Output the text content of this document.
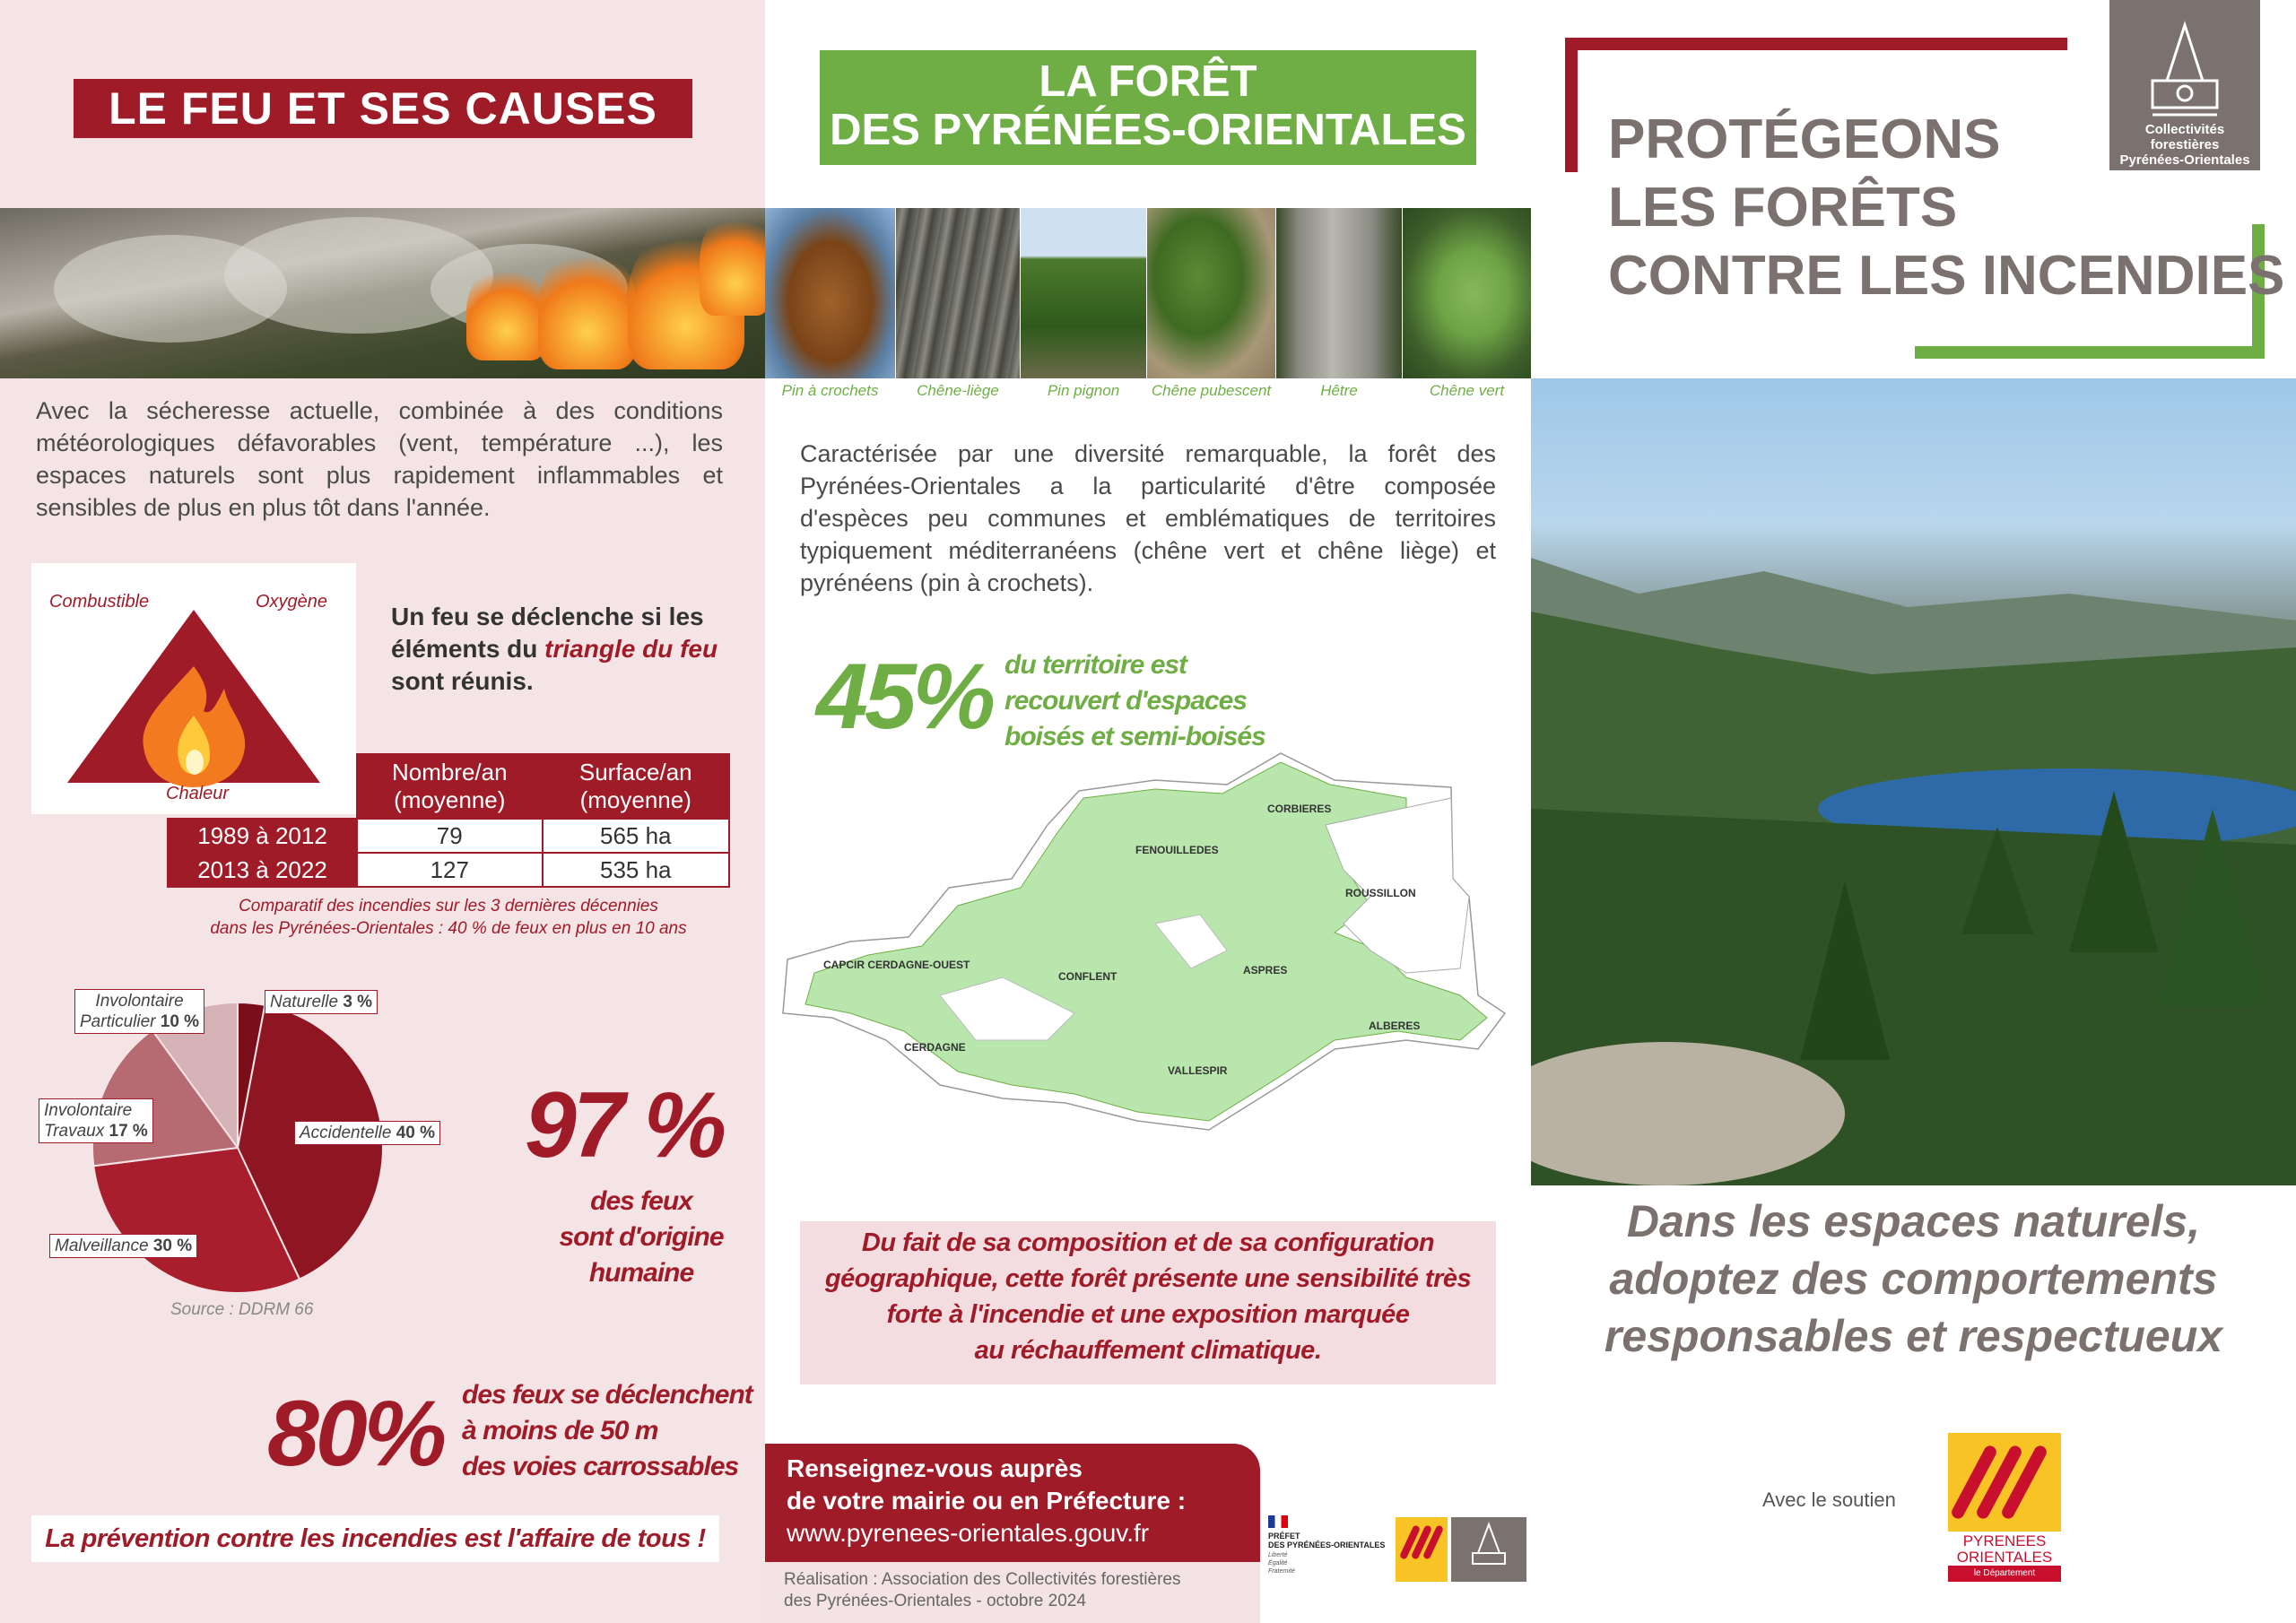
LE FEU ET SES CAUSES

Avec la sécheresse actuelle, combinée à des conditions météorologiques défavorables (vent, température ...), les espaces naturels sont plus rapidement inflammables et sensibles de plus en plus tôt dans l'année.

Combustible	Oxygène
Chaleur

Un feu se déclenche si les éléments du triangle du feu sont réunis.

	Nombre/an (moyenne)	Surface/an (moyenne)
1989 à 2012	79	565 ha
2013 à 2022	127	535 ha
Comparatif des incendies sur les 3 dernières décennies
dans les Pyrénées-Orientales : 40 % de feux en plus en 10 ans
Involontaire
Particulier 10 %
Naturelle 3 %
Involontaire
Travaux 17 %	Accidentelle 40 %
Malveillance 30 %
Source : DDRM 66
97 %
des feux
sont d'origine
humaine
80% des feux se déclenchent
à moins de 50 m
des voies carrossables
La prévention contre les incendies est l'affaire de tous !
LA FORÊT
DES PYRÉNÉES-ORIENTALES
Pin à crochets	Chêne-liège	Pin pignon	Chêne pubescent	Hêtre	Chêne vert

Caractérisée par une diversité remarquable, la forêt des Pyrénées-Orientales a la particularité d'être composée d'espèces peu communes et emblématiques de territoires typiquement méditerranéens (chêne vert et chêne liège) et pyrénéens (pin à crochets).

45% du territoire est
recouvert d'espaces
boisés et semi-boisés
CORBIERES
FENOUILLEDES
ROUSSILLON
CAPCIR CERDAGNE-OUEST
CONFLENT	ASPRES
CERDAGNE
ALBERES
VALLESPIR
Du fait de sa composition et de sa configuration
géographique, cette forêt présente une sensibilité très
forte à l'incendie et une exposition marquée
au réchauffement climatique.
Renseignez-vous auprès
de votre mairie ou en Préfecture :
www.pyrenees-orientales.gouv.fr
Réalisation : Association des Collectivités forestières
des Pyrénées-Orientales - octobre 2024
PRÉFET
DES PYRÉNÉES-ORIENTALES
Liberté Égalité Fraternité
PROTÉGEONS
LES FORÊTS
CONTRE LES INCENDIES
Collectivités forestières
Pyrénées-Orientales
Dans les espaces naturels,
adoptez des comportements
responsables et respectueux
Avec le soutien
PYRENEES
ORIENTALES
le Département
